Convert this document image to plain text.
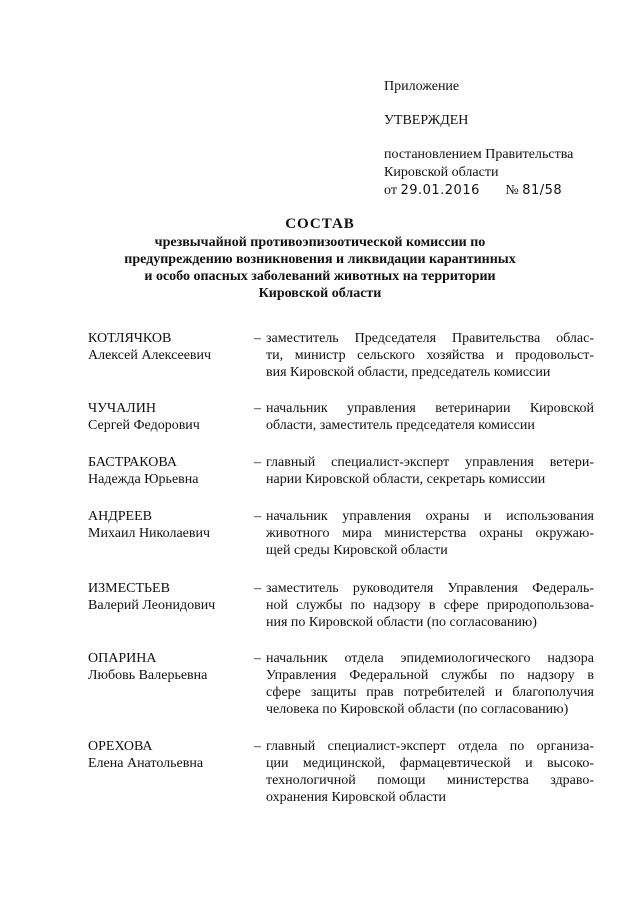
Приложение
УТВЕРЖДЕН
постановлением Правительства
Кировской области
от 29.01.2016 № 81/58
СОСТАВ
чрезвычайной противоэпизоотической комиссии по
предупреждению возникновения и ликвидации карантинных
и особо опасных заболеваний животных на территории
Кировской области
КОТЛЯЧКОВ
Алексей Алексеевич
– заместитель Председателя Правительства облас-
ти, министр сельского хозяйства и продовольст-
вия Кировской области, председатель комиссии
ЧУЧАЛИН
Сергей Федорович
– начальник управления ветеринарии Кировской
области, заместитель председателя комиссии
БАСТРАКОВА
Надежда Юрьевна
– главный специалист-эксперт управления ветери-
нарии Кировской области, секретарь комиссии
АНДРЕЕВ
Михаил Николаевич
– начальник управления охраны и использования
животного мира министерства охраны окружаю-
щей среды Кировской области
ИЗМЕСТЬЕВ
Валерий Леонидович
– заместитель руководителя Управления Федераль-
ной службы по надзору в сфере природопользова-
ния по Кировской области (по согласованию)
ОПАРИНА
Любовь Валерьевна
– начальник отдела эпидемиологического надзора
Управления Федеральной службы по надзору в
сфере защиты прав потребителей и благополучия
человека по Кировской области (по согласованию)
ОРЕХОВА
Елена Анатольевна
– главный специалист-эксперт отдела по организа-
ции медицинской, фармацевтической и высоко-
технологичной помощи министерства здраво-
охранения Кировской области
